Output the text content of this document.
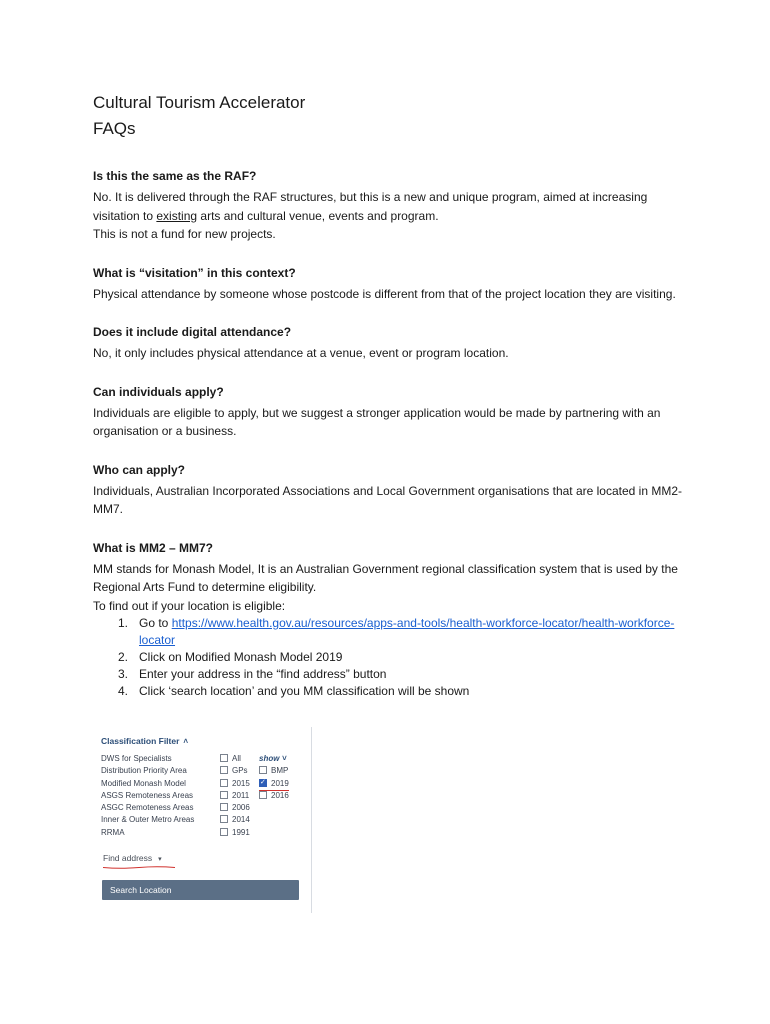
Cultural Tourism Accelerator
FAQs

Is this the same as the RAF?

No. It is delivered through the RAF structures, but this is a new and unique program, aimed at increasing visitation to existing arts and cultural venue, events and program.

This is not a fund for new projects.

What is “visitation” in this context?

Physical attendance by someone whose postcode is different from that of the project location they are visiting.

Does it include digital attendance?

No, it only includes physical attendance at a venue, event or program location.

Can individuals apply?

Individuals are eligible to apply, but we suggest a stronger application would be made by partnering with an organisation or a business.

Who can apply?

Individuals, Australian Incorporated Associations and Local Government organisations that are located in MM2-MM7.

What is MM2 – MM7?

MM stands for Monash Model, It is an Australian Government regional classification system that is used by the Regional Arts Fund to determine eligibility.

To find out if your location is eligible:

1. Go to https://www.health.gov.au/resources/apps-and-tools/health-workforce-locator/health-workforce-locator
2. Click on Modified Monash Model 2019
3. Enter your address in the “find address” button
4. Click ‘search location’ and you MM classification will be shown
Classification Filter ˄
DWS for Specialists	All show ˅
Distribution Priority Area	GPs	BMP
Modified Monash Model	2015 ✓	2019
ASGS Remoteness Areas	2011	2016
ASGC Remoteness Areas	2006
Inner & Outer Metro Areas	2014
RRMA	1991
Find address ▾
Search Location
